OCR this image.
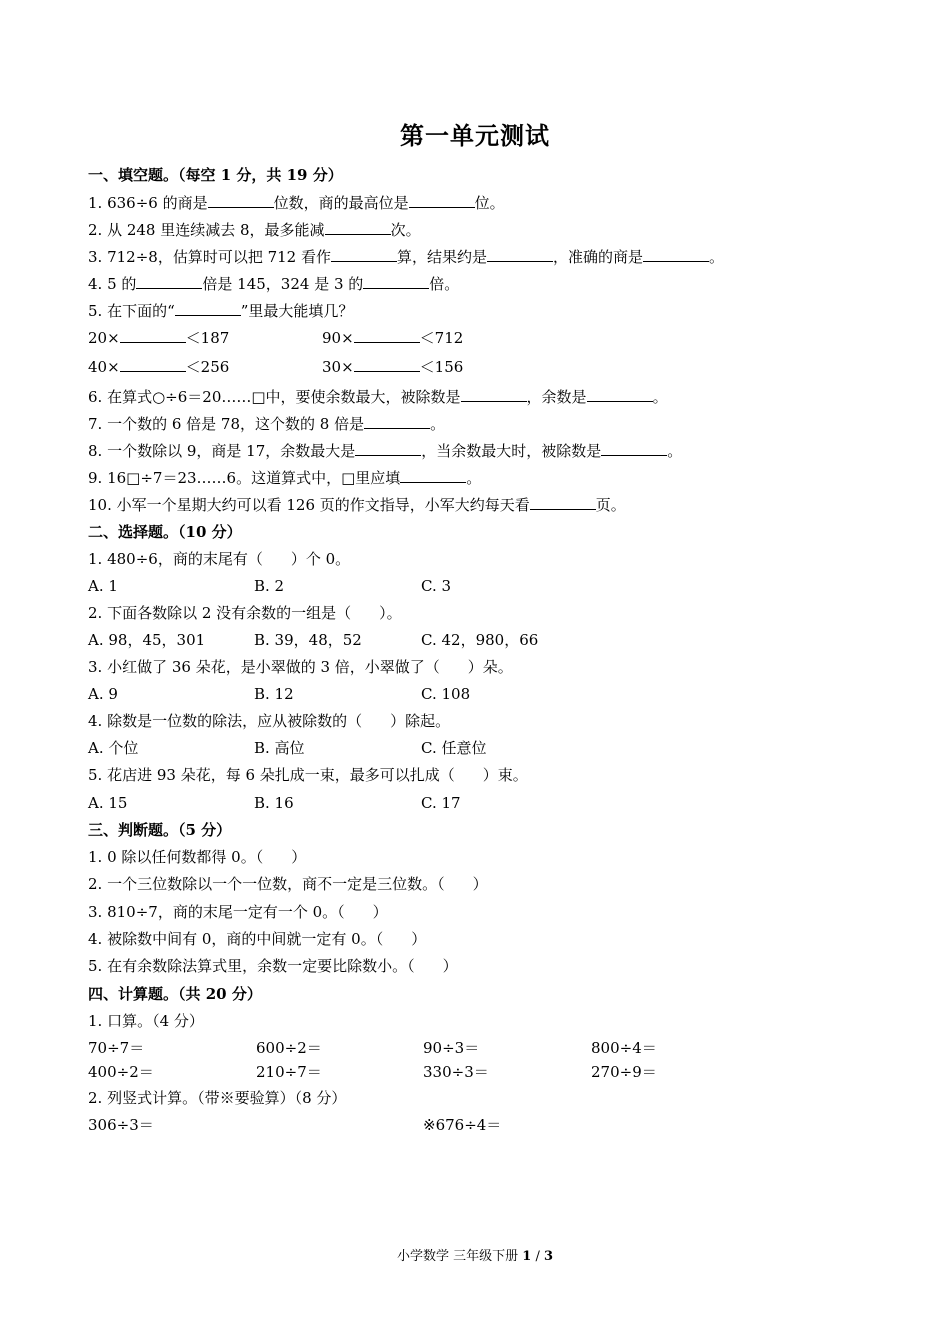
第一单元测试
一、填空题。（每空 1 分，共 19 分）
1. 636÷6 的商是	位数，商的最高位是	位。
2. 从 248 里连续减去 8，最多能减	次。
3. 712÷8，估算时可以把 712 看作	算，结果约是	，准确的商是	。
4. 5 的	倍是 145，324 是 3 的	倍。
5. 在下面的“	”里最大能填几？
20×	＜187	90×	＜712
40×	＜256	30×	＜156
6. 在算式○÷6＝20……□中，要使余数最大，被除数是	，余数是	。
7. 一个数的 6 倍是 78，这个数的 8 倍是	。
8. 一个数除以 9，商是 17，余数最大是	，当余数最大时，被除数是	。
9. 16□÷7＝23……6。这道算式中，□里应填	。
10. 小军一个星期大约可以看 126 页的作文指导，小军大约每天看	页。
二、选择题。（10 分）
1. 480÷6，商的末尾有（ ）个 0。
A. 1	B. 2	C. 3
2. 下面各数除以 2 没有余数的一组是（ ）。
A. 98，45，301	B. 39，48，52	C. 42，980，66
3. 小红做了 36 朵花，是小翠做的 3 倍，小翠做了（ ）朵。
A. 9	B. 12	C. 108
4. 除数是一位数的除法，应从被除数的（ ）除起。
A. 个位	B. 高位	C. 任意位
5. 花店进 93 朵花，每 6 朵扎成一束，最多可以扎成（ ）束。
A. 15	B. 16	C. 17
三、判断题。（5 分）
1. 0 除以任何数都得 0。（ ）
2. 一个三位数除以一个一位数，商不一定是三位数。（ ）
3. 810÷7，商的末尾一定有一个 0。（ ）
4. 被除数中间有 0，商的中间就一定有 0。（ ）
5. 在有余数除法算式里，余数一定要比除数小。（ ）
四、计算题。（共 20 分）
1. 口算。（4 分）
70÷7＝	600÷2＝	90÷3＝	800÷4＝
400÷2＝	210÷7＝	330÷3＝	270÷9＝
2. 列竖式计算。（带※要验算）（8 分）
306÷3＝	※676÷4＝
小学数学 三年级下册 1 / 3
